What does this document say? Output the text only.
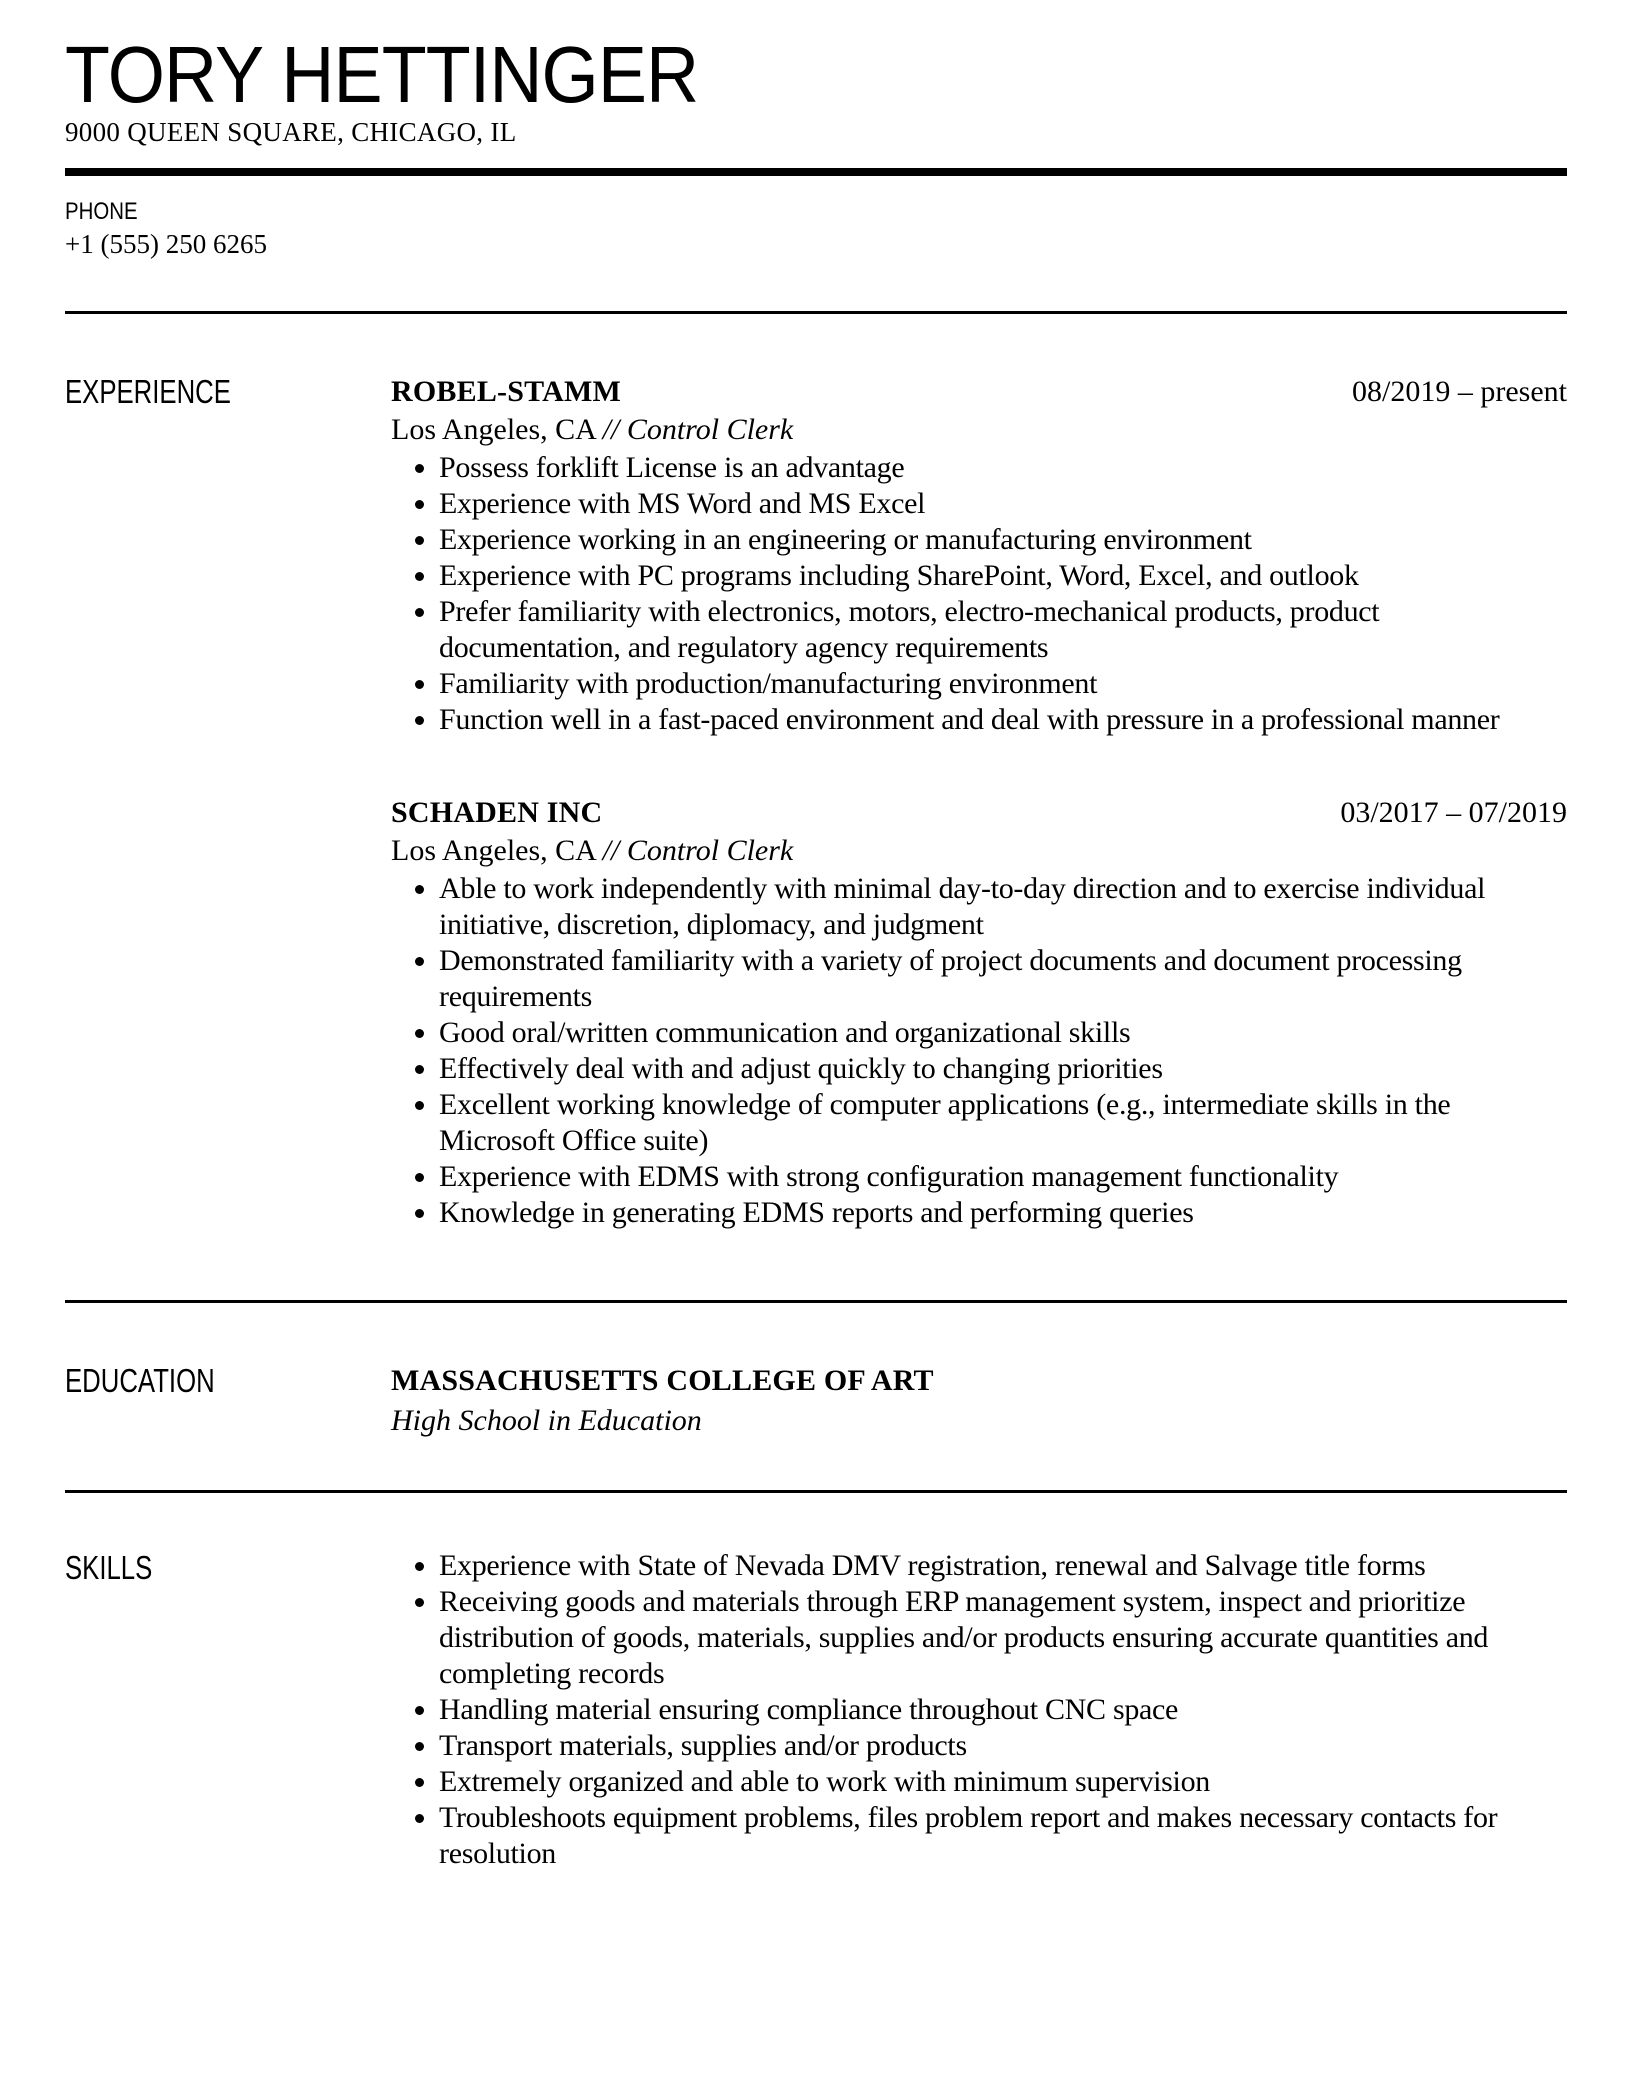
TORY HETTINGER

9000 QUEEN SQUARE, CHICAGO, IL

PHONE

+1 (555) 250 6265

EXPERIENCE	ROBEL-STAMM	08/2019 – present
Los Angeles, CA // Control Clerk
• Possess forklift License is an advantage
• Experience with MS Word and MS Excel
• Experience working in an engineering or manufacturing environment
• Experience with PC programs including SharePoint, Word, Excel, and outlook
• Prefer familiarity with electronics, motors, electro-mechanical products, product documentation, and regulatory agency requirements
• Familiarity with production/manufacturing environment
• Function well in a fast-paced environment and deal with pressure in a professional manner
SCHADEN INC	03/2017 – 07/2019
Los Angeles, CA // Control Clerk
• Able to work independently with minimal day-to-day direction and to exercise individual initiative, discretion, diplomacy, and judgment
• Demonstrated familiarity with a variety of project documents and document processing requirements
• Good oral/written communication and organizational skills
• Effectively deal with and adjust quickly to changing priorities
• Excellent working knowledge of computer applications (e.g., intermediate skills in the Microsoft Office suite)
• Experience with EDMS with strong configuration management functionality
• Knowledge in generating EDMS reports and performing queries
EDUCATION	MASSACHUSETTS COLLEGE OF ART
High School in Education
SKILLS	• Experience with State of Nevada DMV registration, renewal and Salvage title forms
• Receiving goods and materials through ERP management system, inspect and prioritize distribution of goods, materials, supplies and/or products ensuring accurate quantities and completing records
• Handling material ensuring compliance throughout CNC space
• Transport materials, supplies and/or products
• Extremely organized and able to work with minimum supervision
• Troubleshoots equipment problems, files problem report and makes necessary contacts for resolution
